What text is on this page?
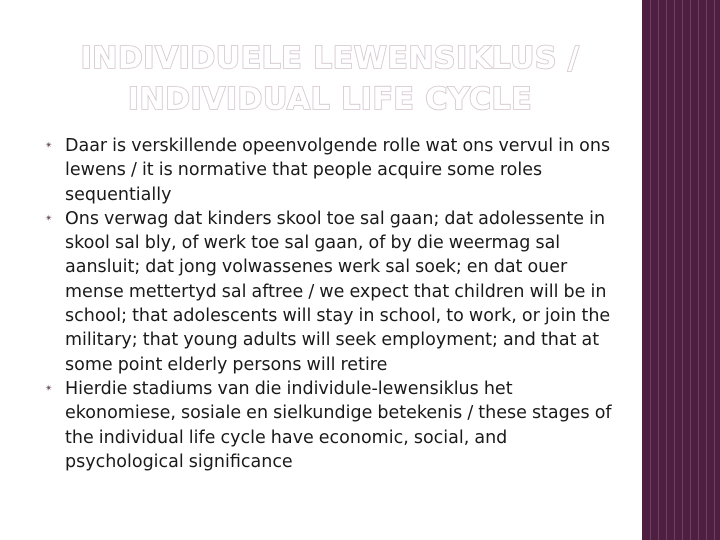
INDIVIDUELE LEWENSIKLUS /
INDIVIDUAL LIFE CYCLE
✴ Daar is verskillende opeenvolgende rolle wat ons vervul in ons lewens / it is normative that people acquire some roles sequentially
✴ Ons verwag dat kinders skool toe sal gaan; dat adolessente in skool sal bly, of werk toe sal gaan, of by die weermag sal aansluit; dat jong volwassenes werk sal soek; en dat ouer mense mettertyd sal aftree / we expect that children will be in school; that adolescents will stay in school, to work, or join the military; that young adults will seek employment; and that at some point elderly persons will retire
✴ Hierdie stadiums van die individule-lewensiklus het ekonomiese, sosiale en sielkundige betekenis / these stages of the individual life cycle have economic, social, and psychological significance
